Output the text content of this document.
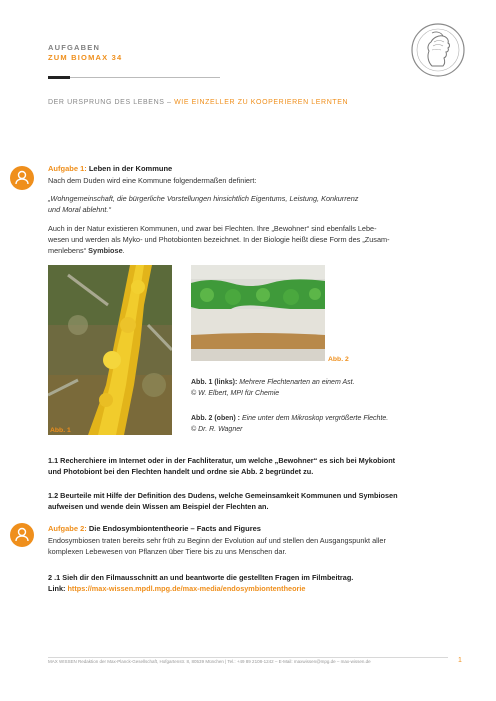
AUFGABEN
ZUM BIOMAX 34
DER URSPRUNG DES LEBENS – WIE EINZELLER ZU KOOPERIEREN LERNTEN
Aufgabe 1: Leben in der Kommune
Nach dem Duden wird eine Kommune folgendermaßen definiert:
„Wohngemeinschaft, die bürgerliche Vorstellungen hinsichtlich Eigentums, Leistung, Konkurrenz
und Moral ablehnt.“
Auch in der Natur existieren Kommunen, und zwar bei Flechten. Ihre „Bewohner“ sind ebenfalls Lebe-
wesen und werden als Myko- und Photobionten bezeichnet. In der Biologie heißt diese Form des „Zusam-
menlebens“ Symbiose.
Abb. 1
Abb. 2
Abb. 1 (links): Mehrere Flechtenarten an einem Ast.
© W. Elbert, MPI für Chemie
Abb. 2 (oben) : Eine unter dem Mikroskop vergrößerte Flechte.
© Dr. R. Wagner
1.1 Recherchiere im Internet oder in der Fachliteratur, um welche „Bewohner“ es sich bei Mykobiont
und Photobiont bei den Flechten handelt und ordne sie Abb. 2 begründet zu.
1.2 Beurteile mit Hilfe der Definition des Dudens, welche Gemeinsamkeit Kommunen und Symbiosen
aufweisen und wende dein Wissen am Beispiel der Flechten an.
Aufgabe 2: Die Endosymbiontentheorie – Facts and Figures
Endosymbiosen traten bereits sehr früh zu Beginn der Evolution auf und stellen den Ausgangspunkt aller
komplexen Lebewesen von Pflanzen über Tiere bis zu uns Menschen dar.
2 .1 Sieh dir den Filmausschnitt an und beantworte die gestellten Fragen im Filmbeitrag.
Link: https://max-wissen.mpdl.mpg.de/max-media/endosymbiontentheorie
MAX WISSEN Redaktion der Max-Planck-Gesellschaft, Hofgartenstr. 8, 80539 München | Tel.: +49 89 2108-1242 – E-Mail: maxwissen@mpg.de – max-wissen.de	1
